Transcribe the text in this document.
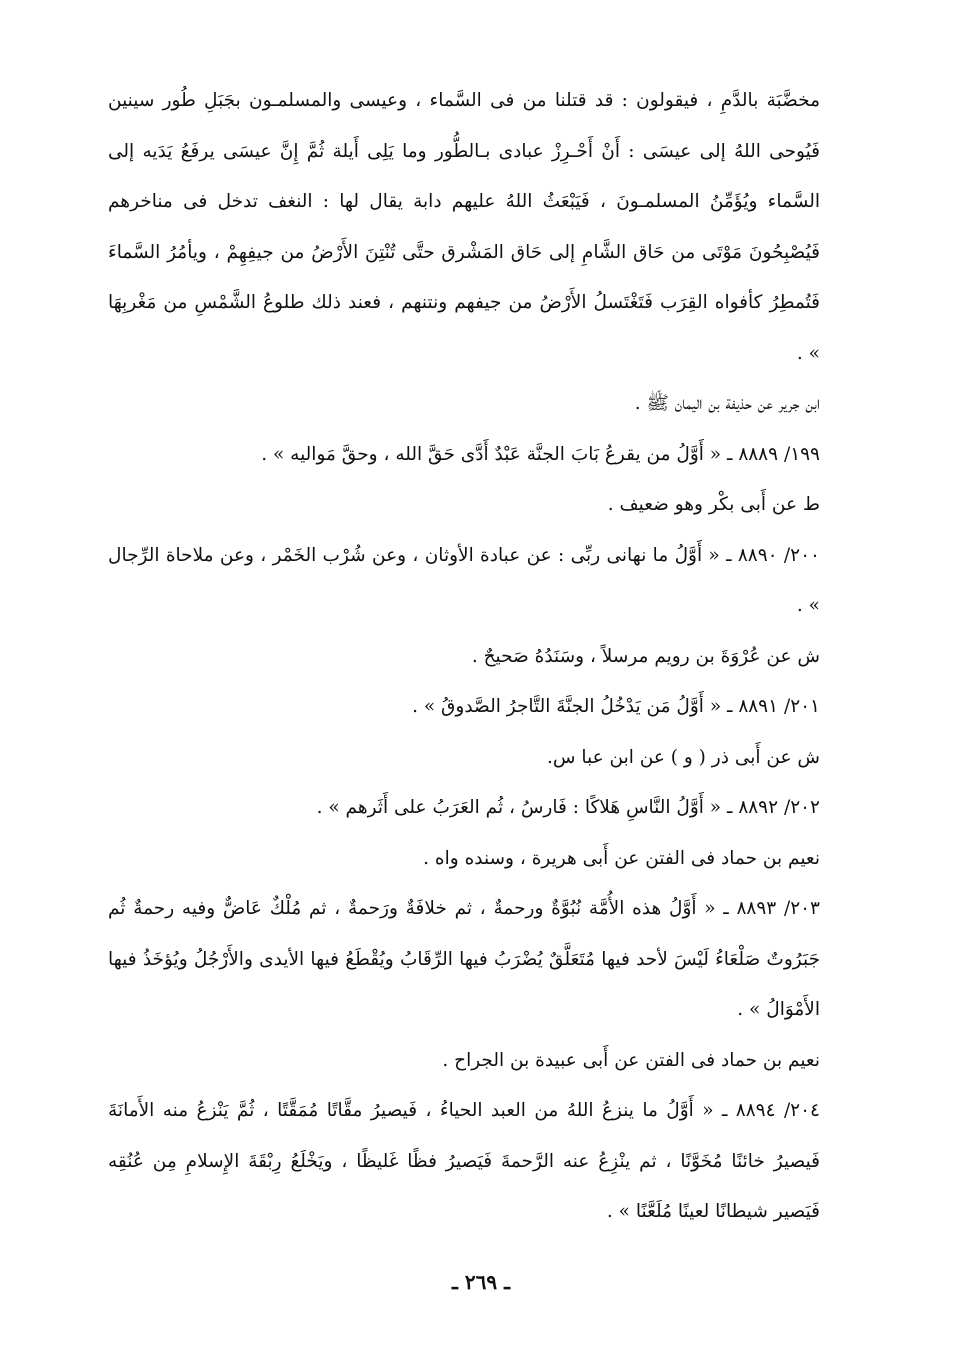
مخضَّبَة بالدَّمِ ، فيقولون : قد قتلنا من فى السَّماء ، وعيسى والمسلمـون بجَبَلِ طُور سينين فَيُوحى اللهُ إلى عيسَى : أَنْ أَحْـرِزْ عبادى بـالطُّور وما يَلِى أَيلة ثُمَّ إِنَّ عيسَى يرفَعُ يَدَيه إلى السَّماء ويُؤَمِّنُ المسلمـونَ ، فَيَبْعَثُ اللهُ عليهم دابة يقال لها : النغف تدخل فى مناخرهم فَيُصْبِحُونَ مَوْتَى من حَاق الشَّامِ إلى حَاق المَشْرق حتَّى تُنْتِنَ الأَرْضُ من جيفِهِمْ ، ويأمُرُ السَّماءَ فَتُمطِرُ كأفواه القِرَب فَتَغْتَسلُ الأَرْضُ من جيفهم ونتنهم ، فعند ذلك طلوعُ الشَّمْسِ من مَغْربِهَا » .

ابن جرير عن حذيفة بن اليمان ﷺ .

١٩٩/ ٨٨٨٩ ـ « أَوَّلُ من يقرعُ بَابَ الجنَّة عَبْدٌ أَدَّى حَقَّ الله ، وحقَّ مَواليه » .

ط عن أَبى بكْر وهو ضعيف .

٢٠٠/ ٨٨٩٠ ـ « أَوَّلُ ما نهانى ربِّى : عن عبادة الأوثان ، وعن شُرْب الخَمْر ، وعن ملاحاة الرِّجال » .

ش عن عُرْوَةَ بن رويم مرسلاً ، وسَنَدُهُ صَحيحٌ .

٢٠١/ ٨٨٩١ ـ « أَوَّلُ مَن يَدْخُلُ الجنَّةَ التَّاجرُ الصَّدوقُ » .

ش عن أَبى ذر ( و ) عن ابن عبا س.

٢٠٢/ ٨٨٩٢ ـ « أَوَّلُ النَّاسِ هَلاكًا : فَارسُ ، ثُم العَرَبُ على أَثَرهم » .

نعيم بن حماد فى الفتن عن أَبى هريرة ، وسنده واه .

٢٠٣/ ٨٨٩٣ ـ « أَوَّلُ هذه الأُمَّة نُبُوَّةٌ ورحمةٌ ، ثم خلافَةٌ ورَحمةٌ ، ثم مُلْكٌ عَاضٌّ وفيه رحمةٌ ثُم جَبَرُوتٌ صَلْعَاءُ لَيْسَ لأحد فيها مُتَعَلَّقٌ يُضْرَبُ فيها الرِّقَابُ ويُقْطَعُ فيها الأيدى والأَرْجُلُ ويُؤخَذُ فيها الأَمْوَالُ » .

نعيم بن حماد فى الفتن عن أَبى عبيدة بن الجراح .

٢٠٤/ ٨٨٩٤ ـ « أَوَّلُ ما ينزعُ اللهُ من العبد الحياءُ ، فَيصيرُ مقَّاتًا مُمَقَّتًا ، ثُمَّ يَنْزعُ منه الأَمانَةَ فَيصيرُ خائنًا مُخَوَّنًا ، ثم ينْزِعُ عنه الرَّحمةَ فَيَصيرُ فظًا غَليظًا ، ويَخْلَعُ رِبْقَةَ الإِسلامِ مِن عُنُقِه فَيَصير شيطانًا لعينًا مُلَعَّنًا » .

ـ ٢٦٩ ـ
